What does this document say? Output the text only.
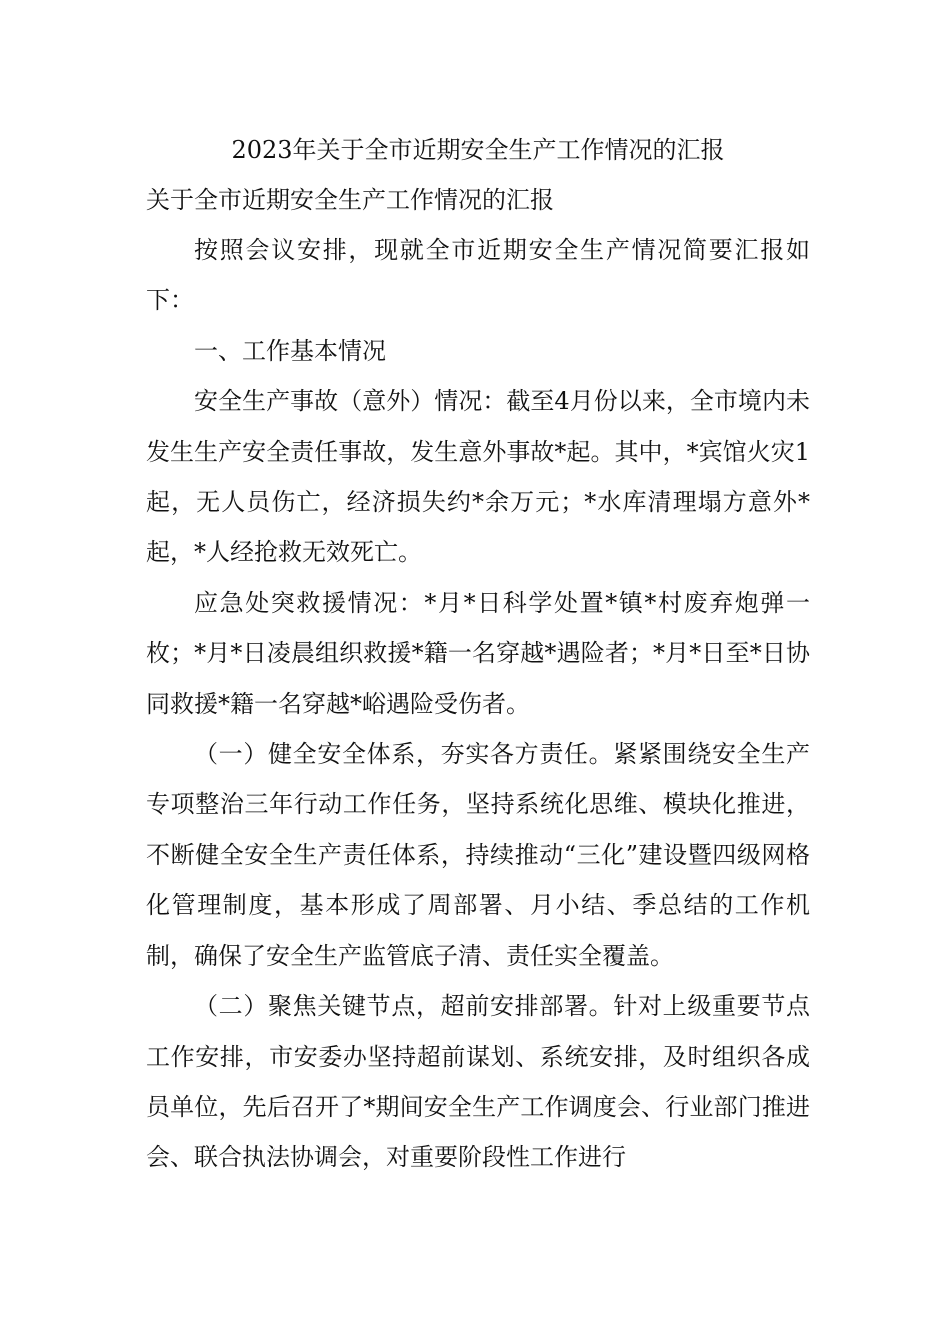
2023年关于全市近期安全生产工作情况的汇报

关于全市近期安全生产工作情况的汇报

按照会议安排，现就全市近期安全生产情况简要汇报如下：

一、工作基本情况

安全生产事故（意外）情况：截至4月份以来，全市境内未发生生产安全责任事故，发生意外事故*起。其中，*宾馆火灾1起，无人员伤亡，经济损失约*余万元；*水库清理塌方意外*起，*人经抢救无效死亡。

应急处突救援情况：*月*日科学处置*镇*村废弃炮弹一枚；*月*日凌晨组织救援*籍一名穿越*遇险者；*月*日至*日协同救援*籍一名穿越*峪遇险受伤者。

（一）健全安全体系，夯实各方责任。紧紧围绕安全生产专项整治三年行动工作任务，坚持系统化思维、模块化推进，不断健全安全生产责任体系，持续推动“三化”建设暨四级网格化管理制度，基本形成了周部署、月小结、季总结的工作机制，确保了安全生产监管底子清、责任实全覆盖。

（二）聚焦关键节点，超前安排部署。针对上级重要节点工作安排，市安委办坚持超前谋划、系统安排，及时组织各成员单位，先后召开了*期间安全生产工作调度会、行业部门推进会、联合执法协调会，对重要阶段性工作进行
